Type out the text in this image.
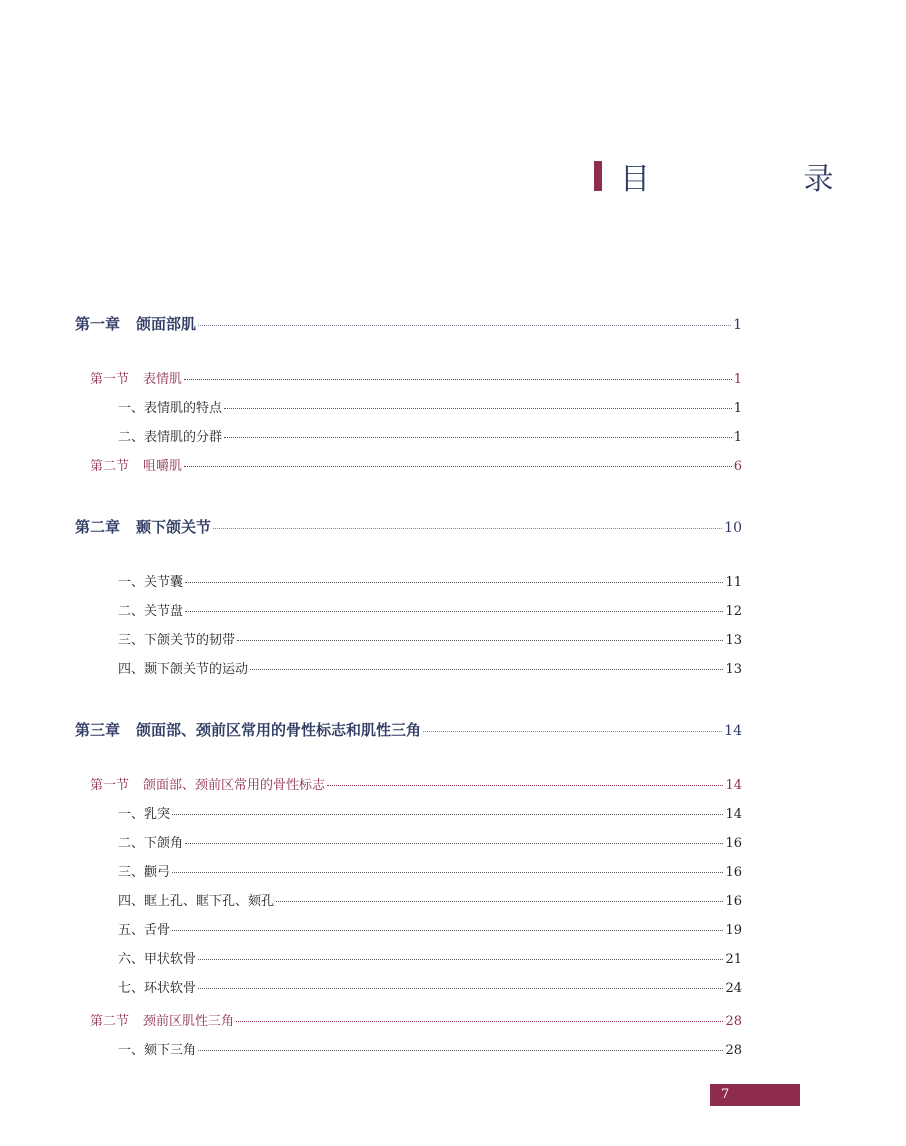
目 录
第一章 颌面部肌	1
第一节 表情肌	1
一、表情肌的特点	1
二、表情肌的分群	1
第二节 咀嚼肌	6
第二章 颞下颌关节	10
一、关节囊	11
二、关节盘	12
三、下颌关节的韧带	13
四、颞下颌关节的运动	13
第三章 颌面部、颈前区常用的骨性标志和肌性三角	14
第一节 颌面部、颈前区常用的骨性标志	14
一、乳突	14
二、下颌角	16
三、颧弓	16
四、眶上孔、眶下孔、颏孔	16
五、舌骨	19
六、甲状软骨	21
七、环状软骨	24
第二节 颈前区肌性三角	28
一、颏下三角	28
7
